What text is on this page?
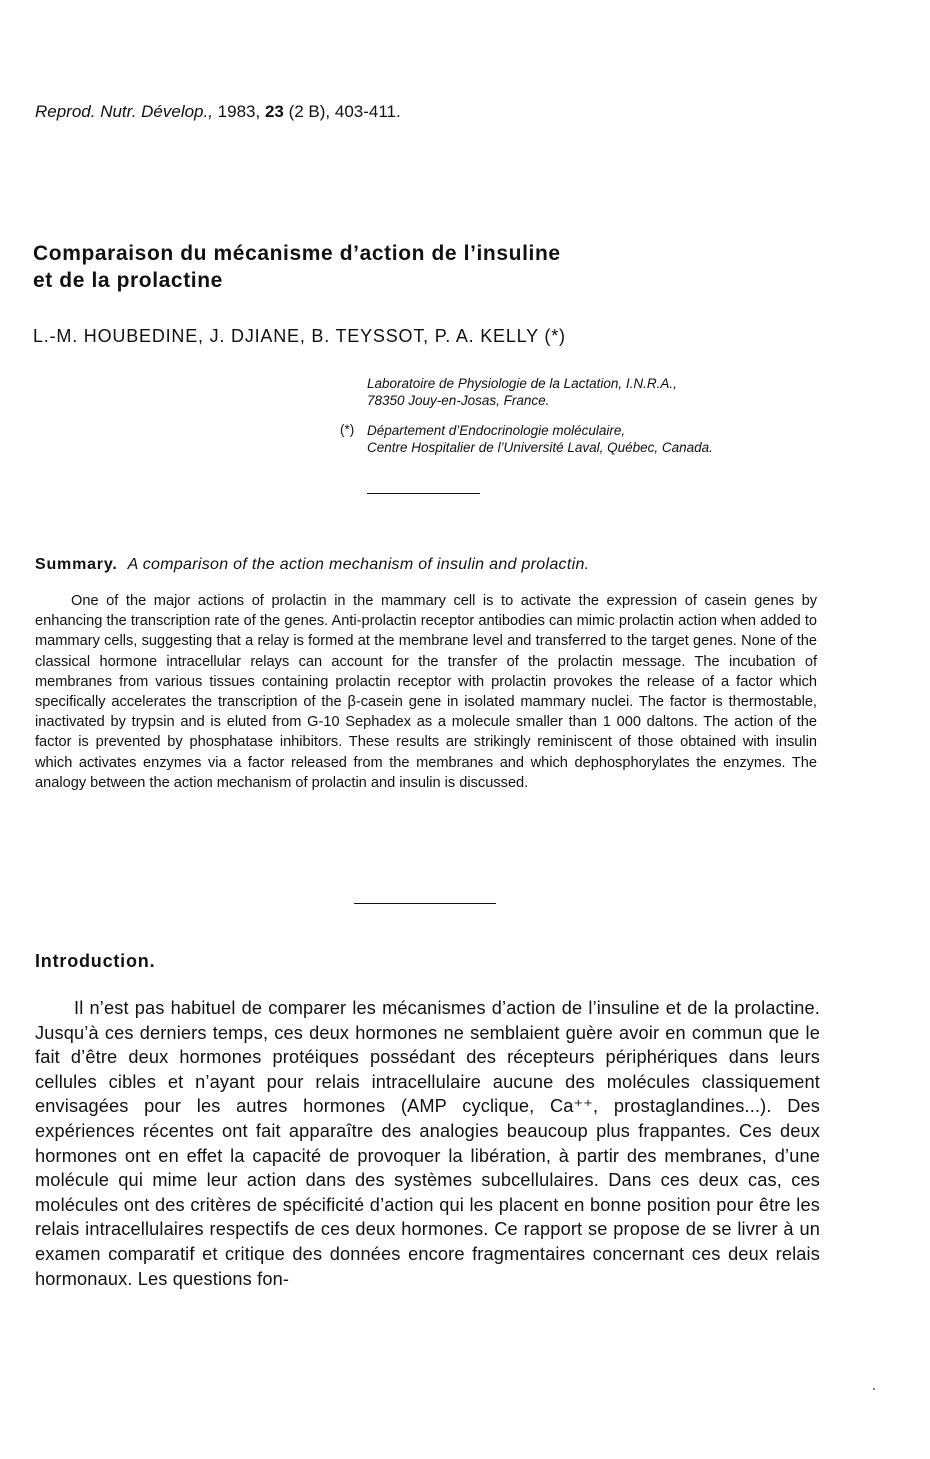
Reprod. Nutr. Dévelop., 1983, 23 (2 B), 403-411.
Comparaison du mécanisme d’action de l’insuline
et de la prolactine
L.-M. HOUBEDINE, J. DJIANE, B. TEYSSOT, P. A. KELLY (*)
Laboratoire de Physiologie de la Lactation, I.N.R.A.,
78350 Jouy-en-Josas, France.
(*) Département d’Endocrinologie moléculaire,
Centre Hospitalier de l’Université Laval, Québec, Canada.
Summary. A comparison of the action mechanism of insulin and prolactin.

One of the major actions of prolactin in the mammary cell is to activate the expression of casein genes by enhancing the transcription rate of the genes. Anti-prolactin receptor antibodies can mimic prolactin action when added to mammary cells, suggesting that a relay is formed at the membrane level and transferred to the target genes. None of the classical hormone intracellular relays can account for the transfer of the prolactin message. The incubation of membranes from various tissues containing prolactin receptor with prolactin provokes the release of a factor which specifically accelerates the transcription of the β-casein gene in isolated mammary nuclei. The factor is thermostable, inactivated by trypsin and is eluted from G-10 Sephadex as a molecule smaller than 1 000 daltons. The action of the factor is prevented by phosphatase inhibitors. These results are strikingly reminiscent of those obtained with insulin which activates enzymes via a factor released from the membranes and which dephosphorylates the enzymes. The analogy between the action mechanism of prolactin and insulin is discussed.

Introduction.

Il n’est pas habituel de comparer les mécanismes d’action de l’insuline et de la prolactine. Jusqu’à ces derniers temps, ces deux hormones ne semblaient guère avoir en commun que le fait d’être deux hormones protéiques possédant des récepteurs périphériques dans leurs cellules cibles et n’ayant pour relais intracellulaire aucune des molécules classiquement envisagées pour les autres hormones (AMP cyclique, Ca⁺⁺, prostaglandines...). Des expériences récentes ont fait apparaître des analogies beaucoup plus frappantes. Ces deux hormones ont en effet la capacité de provoquer la libération, à partir des membranes, d’une molécule qui mime leur action dans des systèmes subcellulaires. Dans ces deux cas, ces molécules ont des critères de spécificité d’action qui les placent en bonne position pour être les relais intracellulaires respectifs de ces deux hormones. Ce rapport se propose de se livrer à un examen comparatif et critique des données encore fragmentaires concernant ces deux relais hormonaux. Les questions fon-
